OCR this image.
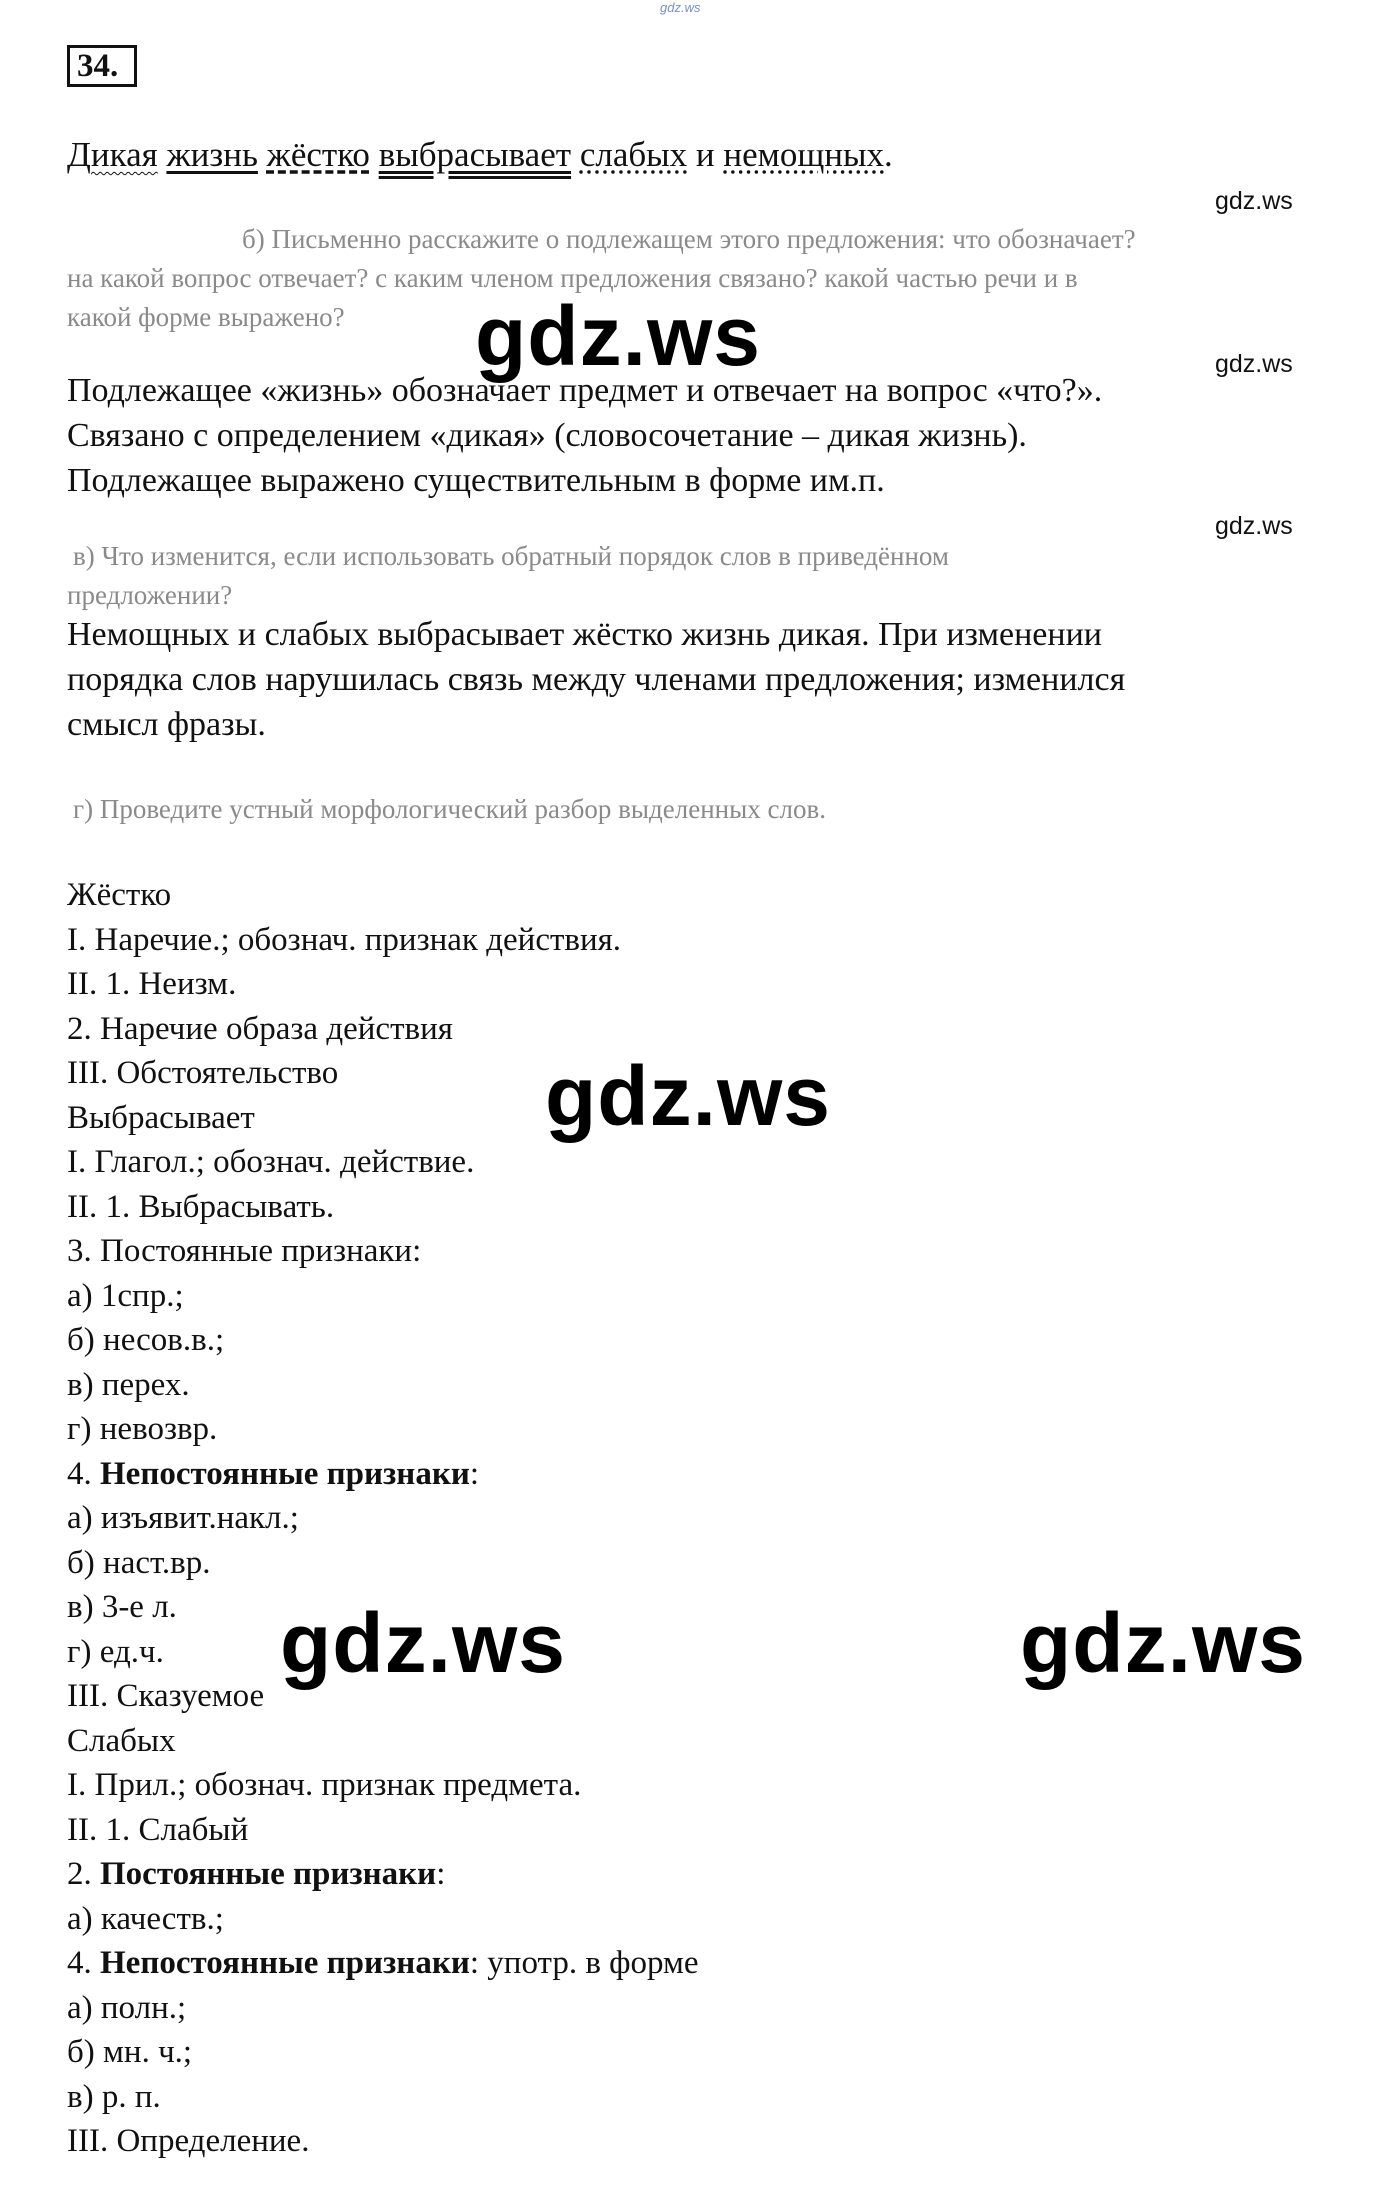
gdz.ws
34.
Дикая жизнь жёстко выбрасывает слабых и немощных.
gdz.ws
б) Письменно расскажите о подлежащем этого предложения: что обозначает?
на какой вопрос отвечает? с каким членом предложения связано? какой частью речи и в
какой форме выражено?	gdz.ws	gdz.ws
Подлежащее «жизнь» обозначает предмет и отвечает на вопрос «что?».
Связано с определением «дикая» (словосочетание – дикая жизнь).
Подлежащее выражено существительным в форме им.п.
gdz.ws
в) Что изменится, если использовать обратный порядок слов в приведённом
предложении?
Немощных и слабых выбрасывает жёстко жизнь дикая. При изменении
порядка слов нарушилась связь между членами предложения; изменился
смысл фразы.
г) Проведите устный морфологический разбор выделенных слов.
Жёстко
I. Наречие.; обознач. признак действия.
II. 1. Неизм.
2. Наречие образа действия
III. Обстоятельство
Выбрасывает
I. Глагол.; обознач. действие.
II. 1. Выбрасывать.
3. Постоянные признаки:
а) 1спр.;
б) несов.в.;
в) перех.
г) невозвр.
4. Непостоянные признаки:
а) изъявит.накл.;
б) наст.вр.
в) 3-е л.
г) ед.ч.
III. Сказуемое
Слабых
I. Прил.; обознач. признак предмета.
II. 1. Слабый
2. Постоянные признаки:
а) качеств.;
4. Непостоянные признаки: употр. в форме
а) полн.;
б) мн. ч.;
в) р. п.
III. Определение.
gdz.ws
gdz.ws	gdz.ws
